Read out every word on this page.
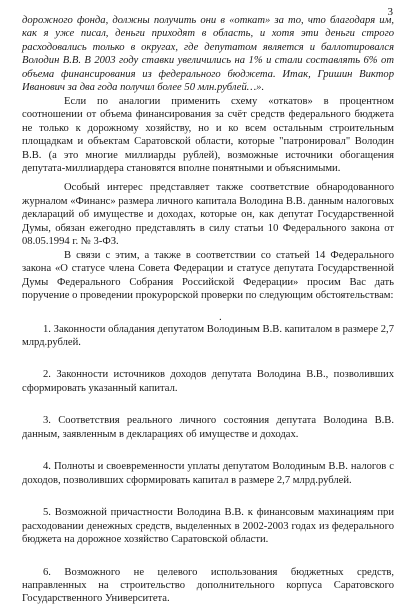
3

дорожного фонда, должны получить они в «откат» за то, что благодаря им, как я уже писал, деньги приходят в область, и хотя эти деньги строго расходовались только в округах, где депутатом является и баллотировался Володин В.В. В 2003 году ставки увеличились на 1% и стали составлять 6% от объема финансирования из федерального бюджета. Итак, Гришин Виктор Иванович за два года получил более 50 млн.рублей…».

Если по аналогии применить схему «откатов» в процентном соотношении от объема финансирования за счёт средств федерального бюджета не только к дорожному хозяйству, но и ко всем остальным строительным площадкам и объектам Саратовской области, которые "патронировал" Володин В.В. (а это многие миллиарды рублей), возможные источники обогащения депутата-миллиардера становятся вполне понятными и объяснимыми.

Особый интерес представляет также соответствие обнародованного журналом «Финанс» размера личного капитала Володина В.В. данным налоговых деклараций об имуществе и доходах, которые он, как депутат Государственной Думы, обязан ежегодно представлять в силу статьи 10 Федерального закона от 08.05.1994 г. № 3-ФЗ.

В связи с этим, а также в соответствии со статьей 14 Федерального закона «О статусе члена Совета Федерации и статусе депутата Государственной Думы Федерального Собрания Российской Федерации» просим Вас дать поручение о проведении прокурорской проверки по следующим обстоятельствам:

1. Законности обладания депутатом Володиным В.В. капиталом в размере 2,7 млрд.рублей.

2. Законности источников доходов депутата Володина В.В., позволивших сформировать указанный капитал.

3. Соответствия реального личного состояния депутата Володина В.В. данным, заявленным в декларациях об имуществе и доходах.

4. Полноты и своевременности уплаты депутатом Володиным В.В. налогов с доходов, позволивших сформировать капитал в размере 2,7 млрд.рублей.

5. Возможной причастности Володина В.В. к финансовым махинациям при расходовании денежных средств, выделенных в 2002-2003 годах из федерального бюджета на дорожное хозяйство Саратовской области.

6. Возможного не целевого использования бюджетных средств, направленных на строительство дополнительного корпуса Саратовского Государственного Университета.

.
